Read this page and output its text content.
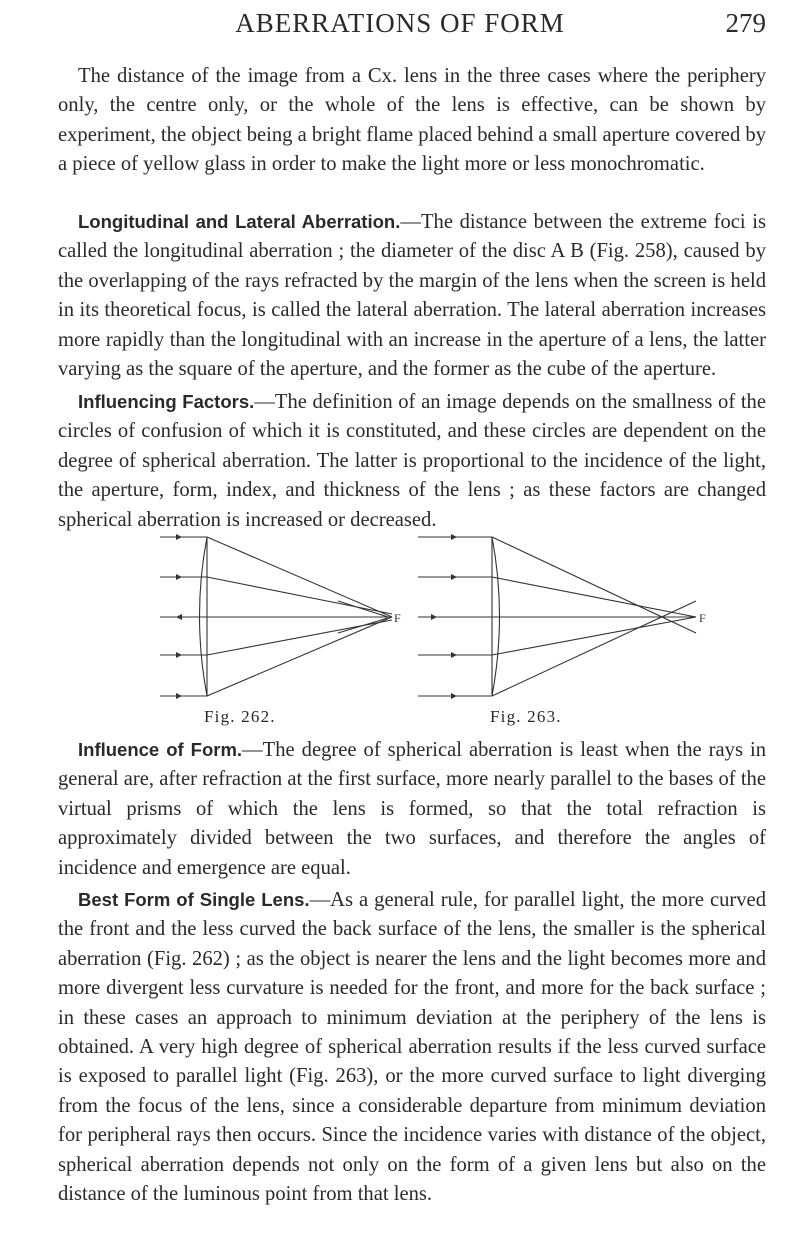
ABERRATIONS OF FORM	279

The distance of the image from a Cx. lens in the three cases where the periphery only, the centre only, or the whole of the lens is effective, can be shown by experiment, the object being a bright flame placed behind a small aperture covered by a piece of yellow glass in order to make the light more or less monochromatic.

Longitudinal and Lateral Aberration.—The distance between the extreme foci is called the longitudinal aberration ; the diameter of the disc A B (Fig. 258), caused by the overlapping of the rays refracted by the margin of the lens when the screen is held in its theoretical focus, is called the lateral aberration. The lateral aberration increases more rapidly than the longitudinal with an increase in the aperture of a lens, the latter varying as the square of the aperture, and the former as the cube of the aperture.

Influencing Factors.—The definition of an image depends on the smallness of the circles of confusion of which it is constituted, and these circles are dependent on the degree of spherical aberration. The latter is proportional to the incidence of the light, the aperture, form, index, and thickness of the lens ; as these factors are changed spherical aberration is increased or decreased.

F	F
Fig. 262.	Fig. 263.

Influence of Form.—The degree of spherical aberration is least when the rays in general are, after refraction at the first surface, more nearly parallel to the bases of the virtual prisms of which the lens is formed, so that the total refraction is approximately divided between the two surfaces, and therefore the angles of incidence and emergence are equal.

Best Form of Single Lens.—As a general rule, for parallel light, the more curved the front and the less curved the back surface of the lens, the smaller is the spherical aberration (Fig. 262) ; as the object is nearer the lens and the light becomes more and more divergent less curvature is needed for the front, and more for the back surface ; in these cases an approach to minimum deviation at the periphery of the lens is obtained. A very high degree of spherical aberration results if the less curved surface is exposed to parallel light (Fig. 263), or the more curved surface to light diverging from the focus of the lens, since a considerable departure from minimum deviation for peripheral rays then occurs. Since the incidence varies with distance of the object, spherical aberration depends not only on the form of a given lens but also on the distance of the luminous point from that lens.
